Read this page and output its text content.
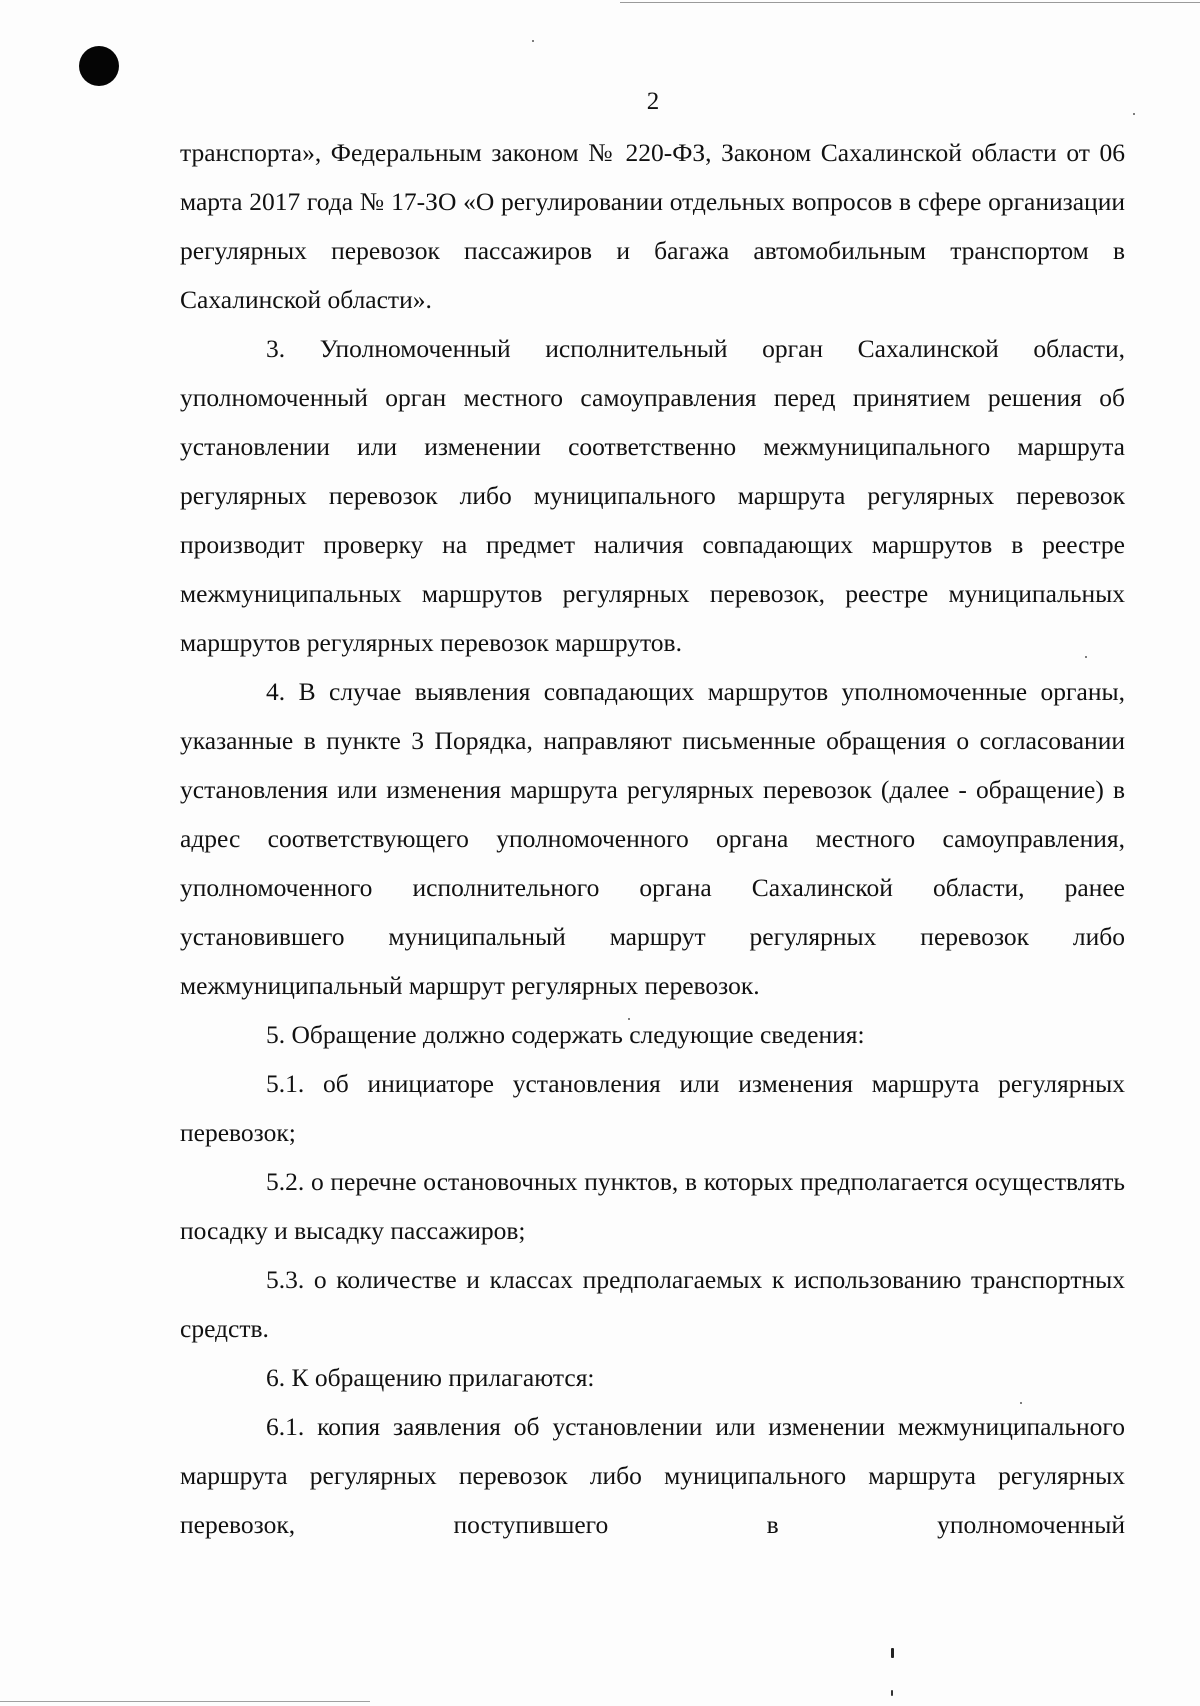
2

транспорта», Федеральным законом № 220-ФЗ, Законом Сахалинской области от 06 марта 2017 года № 17-ЗО «О регулировании отдельных вопросов в сфере организации регулярных перевозок пассажиров и багажа автомобильным транспортом в Сахалинской области».

3. Уполномоченный исполнительный орган Сахалинской области, уполномоченный орган местного самоуправления перед принятием решения об установлении или изменении соответственно межмуниципального маршрута регулярных перевозок либо муниципального маршрута регулярных перевозок производит проверку на предмет наличия совпадающих маршрутов в реестре межмуниципальных маршрутов регулярных перевозок, реестре муниципальных маршрутов регулярных перевозок маршрутов.

4. В случае выявления совпадающих маршрутов уполномоченные органы, указанные в пункте 3 Порядка, направляют письменные обращения о согласовании установления или изменения маршрута регулярных перевозок (далее - обращение) в адрес соответствующего уполномоченного органа местного самоуправления, уполномоченного исполнительного органа Сахалинской области, ранее установившего муниципальный маршрут регулярных перевозок либо межмуниципальный маршрут регулярных перевозок.

5. Обращение должно содержать следующие сведения:

5.1. об инициаторе установления или изменения маршрута регулярных перевозок;

5.2. о перечне остановочных пунктов, в которых предполагается осуществлять посадку и высадку пассажиров;

5.3. о количестве и классах предполагаемых к использованию транспортных средств.

6. К обращению прилагаются:

6.1. копия заявления об установлении или изменении межмуниципального маршрута регулярных перевозок либо муниципального маршрута регулярных перевозок, поступившего в уполномоченный
